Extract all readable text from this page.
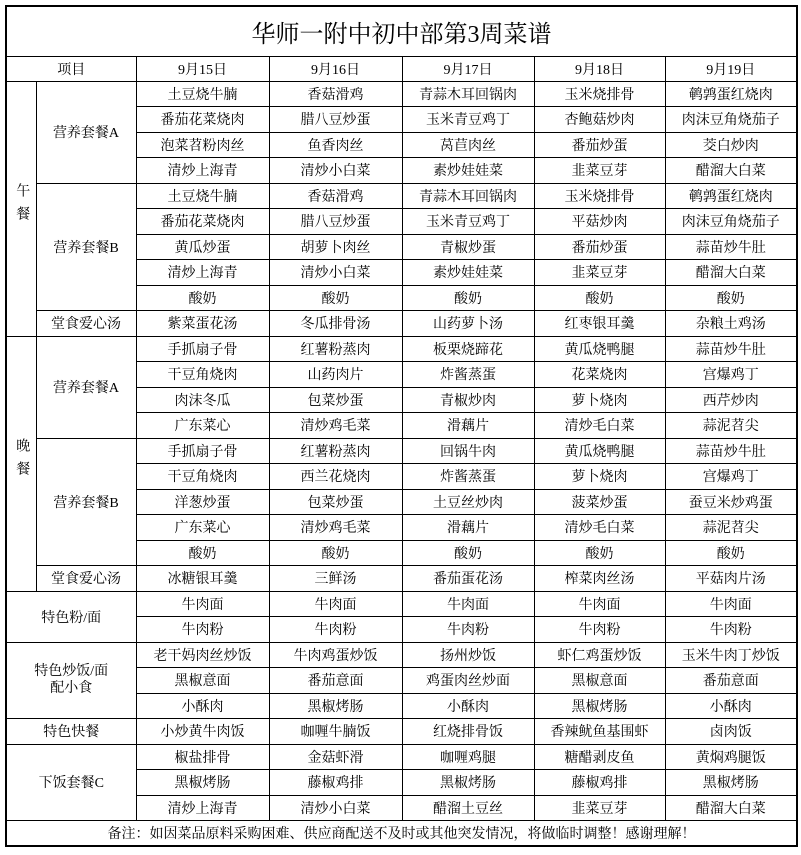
华师一附中初中部第3周菜谱						
项目		9月15日	9月16日	9月17日	9月18日	9月19日
午餐	营养套餐A	土豆烧牛腩	香菇滑鸡	青蒜木耳回锅肉	玉米烧排骨	鹌鹑蛋红烧肉
		番茄花菜烧肉	腊八豆炒蛋	玉米青豆鸡丁	杏鲍菇炒肉	肉沫豆角烧茄子
		泡菜苕粉肉丝	鱼香肉丝	莴苣肉丝	番茄炒蛋	茭白炒肉
		清炒上海青	清炒小白菜	素炒娃娃菜	韭菜豆芽	醋溜大白菜
	营养套餐B	土豆烧牛腩	香菇滑鸡	青蒜木耳回锅肉	玉米烧排骨	鹌鹑蛋红烧肉
		番茄花菜烧肉	腊八豆炒蛋	玉米青豆鸡丁	平菇炒肉	肉沫豆角烧茄子
		黄瓜炒蛋	胡萝卜肉丝	青椒炒蛋	番茄炒蛋	蒜苗炒牛肚
		清炒上海青	清炒小白菜	素炒娃娃菜	韭菜豆芽	醋溜大白菜
		酸奶	酸奶	酸奶	酸奶	酸奶
	堂食爱心汤	紫菜蛋花汤	冬瓜排骨汤	山药萝卜汤	红枣银耳羹	杂粮土鸡汤
晚餐	营养套餐A	手抓扇子骨	红薯粉蒸肉	板栗烧蹄花	黄瓜烧鸭腿	蒜苗炒牛肚
		干豆角烧肉	山药肉片	炸酱蒸蛋	花菜烧肉	宫爆鸡丁
		肉沫冬瓜	包菜炒蛋	青椒炒肉	萝卜烧肉	西芹炒肉
		广东菜心	清炒鸡毛菜	滑藕片	清炒毛白菜	蒜泥苕尖
	营养套餐B	手抓扇子骨	红薯粉蒸肉	回锅牛肉	黄瓜烧鸭腿	蒜苗炒牛肚
		干豆角烧肉	西兰花烧肉	炸酱蒸蛋	萝卜烧肉	宫爆鸡丁
		洋葱炒蛋	包菜炒蛋	土豆丝炒肉	菠菜炒蛋	蚕豆米炒鸡蛋
		广东菜心	清炒鸡毛菜	滑藕片	清炒毛白菜	蒜泥苕尖
		酸奶	酸奶	酸奶	酸奶	酸奶
	堂食爱心汤	冰糖银耳羹	三鲜汤	番茄蛋花汤	榨菜肉丝汤	平菇肉片汤
特色粉/面		牛肉面	牛肉面	牛肉面	牛肉面	牛肉面
		牛肉粉	牛肉粉	牛肉粉	牛肉粉	牛肉粉

特色炒饭/面
配小食		老干妈肉丝炒饭	牛肉鸡蛋炒饭	扬州炒饭	虾仁鸡蛋炒饭	玉米牛肉丁炒饭
		黑椒意面	番茄意面	鸡蛋肉丝炒面	黑椒意面	番茄意面
		小酥肉	黑椒烤肠	小酥肉	黑椒烤肠	小酥肉
特色快餐		小炒黄牛肉饭	咖喱牛腩饭	红烧排骨饭	香辣鱿鱼基围虾	卤肉饭
下饭套餐C		椒盐排骨	金菇虾滑	咖喱鸡腿	糖醋剥皮鱼	黄焖鸡腿饭
		黑椒烤肠	藤椒鸡排	黑椒烤肠	藤椒鸡排	黑椒烤肠
		清炒上海青	清炒小白菜	醋溜土豆丝	韭菜豆芽	醋溜大白菜
备注：如因菜品原料采购困难、供应商配送不及时或其他突发情况，将做临时调整！感谢理解！						
